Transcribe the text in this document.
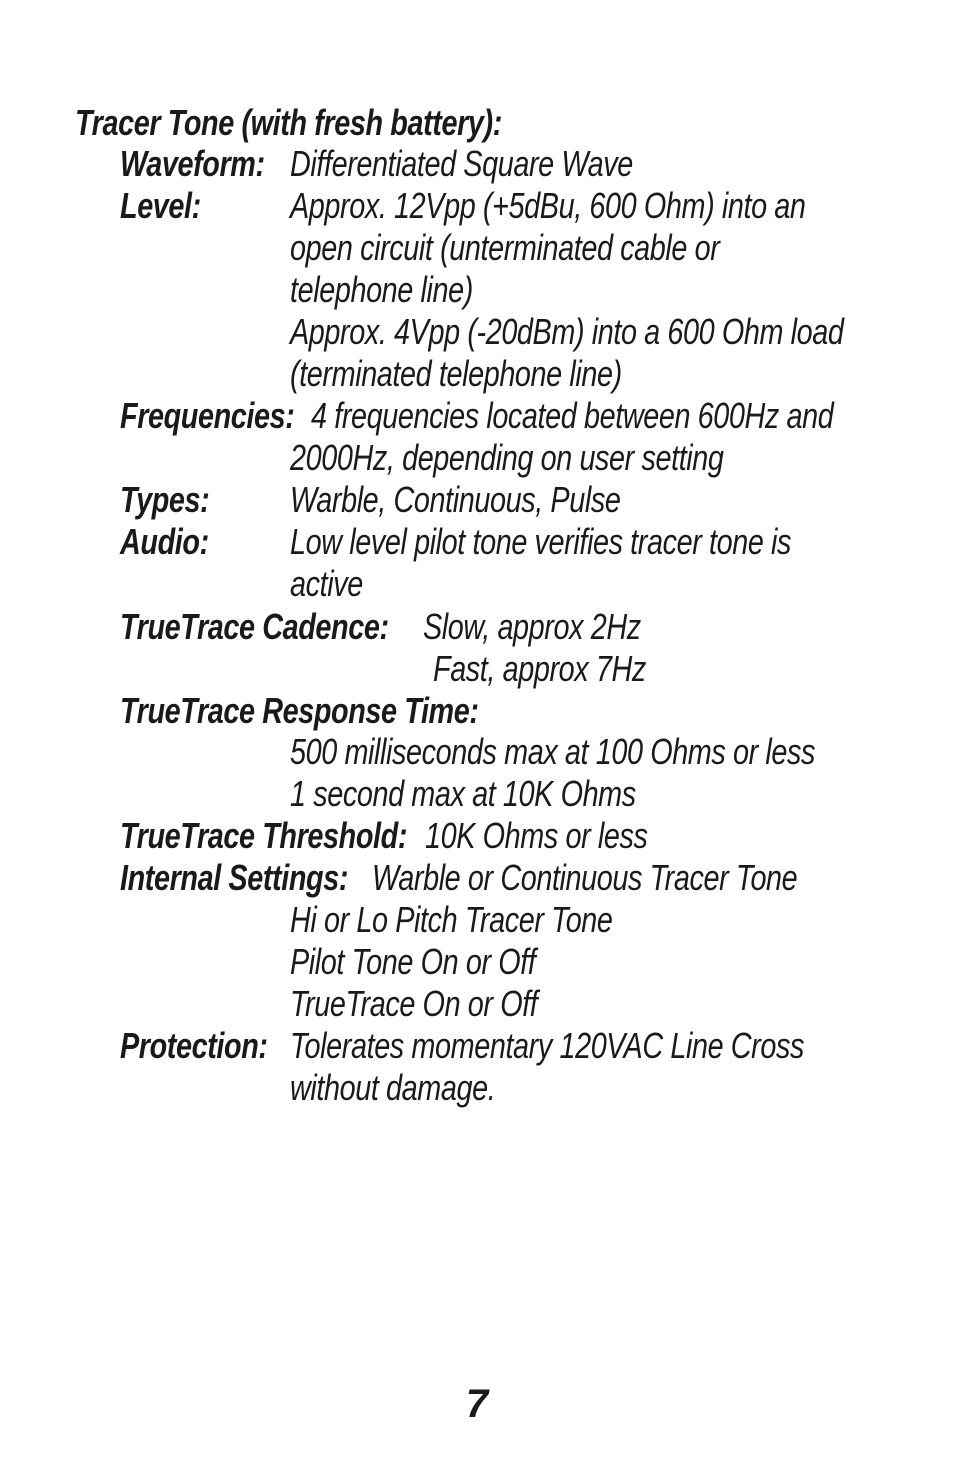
Tracer Tone (with fresh battery):
Waveform: Differentiated Square Wave
Level: Approx. 12Vpp (+5dBu, 600 Ohm) into an
open circuit (unterminated cable or
telephone line)
Approx. 4Vpp (-20dBm) into a 600 Ohm load
(terminated telephone line)
Frequencies: 4 frequencies located between 600Hz and
2000Hz, depending on user setting
Types: Warble, Continuous, Pulse
Audio: Low level pilot tone verifies tracer tone is
active
TrueTrace Cadence: Slow, approx 2Hz
Fast, approx 7Hz
TrueTrace Response Time:
500 milliseconds max at 100 Ohms or less
1 second max at 10K Ohms
TrueTrace Threshold: 10K Ohms or less
Internal Settings: Warble or Continuous Tracer Tone
Hi or Lo Pitch Tracer Tone
Pilot Tone On or Off
TrueTrace On or Off
Protection: Tolerates momentary 120VAC Line Cross
without damage.
7
